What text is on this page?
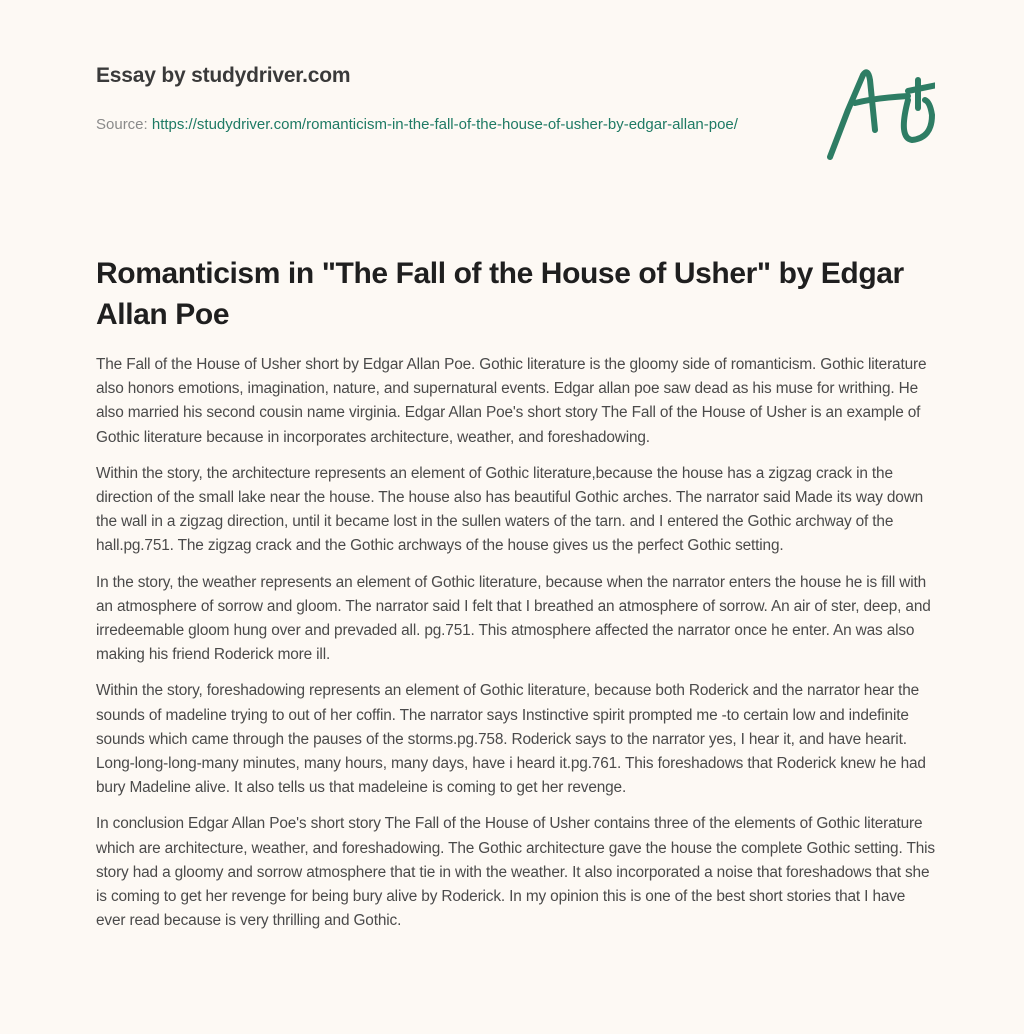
Essay by studydriver.com
Source: https://studydriver.com/romanticism-in-the-fall-of-the-house-of-usher-by-edgar-allan-poe/
Romanticism in "The Fall of the House of Usher" by Edgar Allan Poe

The Fall of the House of Usher short by Edgar Allan Poe. Gothic literature is the gloomy side of romanticism. Gothic literature also honors emotions, imagination, nature, and supernatural events. Edgar allan poe saw dead as his muse for writhing. He also married his second cousin name virginia. Edgar Allan Poe's short story The Fall of the House of Usher is an example of Gothic literature because in incorporates architecture, weather, and foreshadowing.

Within the story, the architecture represents an element of Gothic literature,because the house has a zigzag crack in the direction of the small lake near the house. The house also has beautiful Gothic arches. The narrator said Made its way down the wall in a zigzag direction, until it became lost in the sullen waters of the tarn. and I entered the Gothic archway of the hall.pg.751. The zigzag crack and the Gothic archways of the house gives us the perfect Gothic setting.

In the story, the weather represents an element of Gothic literature, because when the narrator enters the house he is fill with an atmosphere of sorrow and gloom. The narrator said I felt that I breathed an atmosphere of sorrow. An air of ster, deep, and irredeemable gloom hung over and prevaded all. pg.751. This atmosphere affected the narrator once he enter. An was also making his friend Roderick more ill.

Within the story, foreshadowing represents an element of Gothic literature, because both Roderick and the narrator hear the sounds of madeline trying to out of her coffin. The narrator says Instinctive spirit prompted me -to certain low and indefinite sounds which came through the pauses of the storms.pg.758. Roderick says to the narrator yes, I hear it, and have hearit. Long-long-long-many minutes, many hours, many days, have i heard it.pg.761. This foreshadows that Roderick knew he had bury Madeline alive. It also tells us that madeleine is coming to get her revenge.

In conclusion Edgar Allan Poe's short story The Fall of the House of Usher contains three of the elements of Gothic literature which are architecture, weather, and foreshadowing. The Gothic architecture gave the house the complete Gothic setting. This story had a gloomy and sorrow atmosphere that tie in with the weather. It also incorporated a noise that foreshadows that she is coming to get her revenge for being bury alive by Roderick. In my opinion this is one of the best short stories that I have ever read because is very thrilling and Gothic.
